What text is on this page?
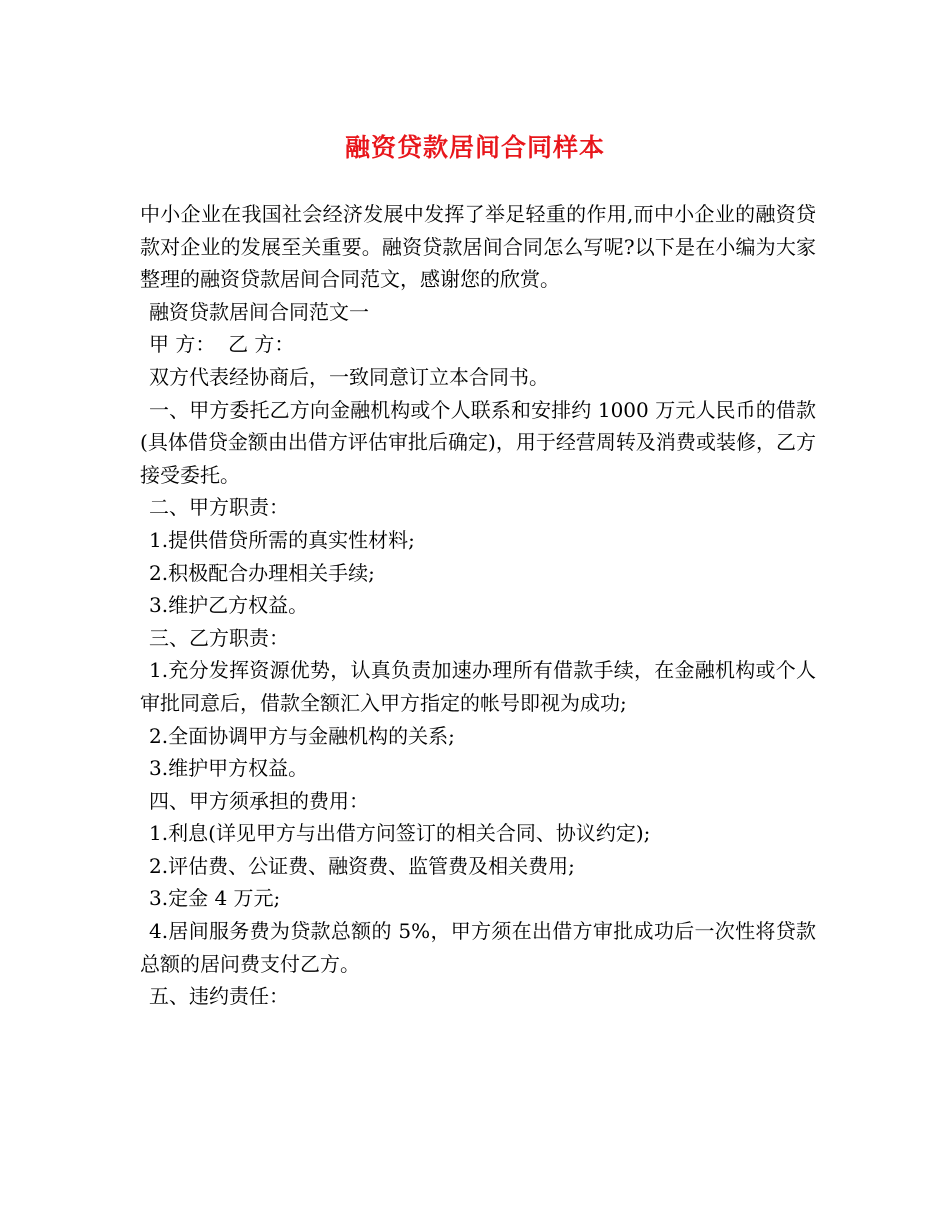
融资贷款居间合同样本

中小企业在我国社会经济发展中发挥了举足轻重的作用,而中小企业的融资贷款对企业的发展至关重要。融资贷款居间合同怎么写呢?以下是在小编为大家整理的融资贷款居间合同范文，感谢您的欣赏。

融资贷款居间合同范文一

甲 方：  乙 方：

双方代表经协商后，一致同意订立本合同书。

一、甲方委托乙方向金融机构或个人联系和安排约 1000 万元人民币的借款(具体借贷金额由出借方评估审批后确定)，用于经营周转及消费或装修，乙方接受委托。

二、甲方职责：

1.提供借贷所需的真实性材料;

2.积极配合办理相关手续;

3.维护乙方权益。

三、乙方职责：

1.充分发挥资源优势，认真负责加速办理所有借款手续，在金融机构或个人审批同意后，借款全额汇入甲方指定的帐号即视为成功;

2.全面协调甲方与金融机构的关系;

3.维护甲方权益。

四、甲方须承担的费用：

1.利息(详见甲方与出借方问签订的相关合同、协议约定);

2.评估费、公证费、融资费、监管费及相关费用;

3.定金 4 万元;

4.居间服务费为贷款总额的 5%，甲方须在出借方审批成功后一次性将贷款总额的居问费支付乙方。

五、违约责任：
